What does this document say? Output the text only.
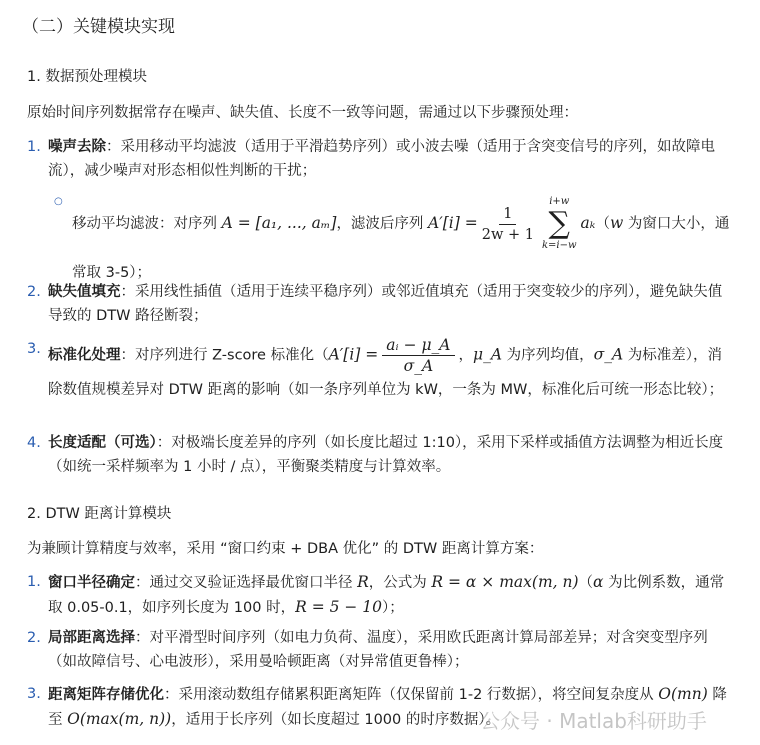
（二）关键模块实现
1. 数据预处理模块
原始时间序列数据常存在噪声、缺失值、长度不一致等问题，需通过以下步骤预处理：
1. 噪声去除：采用移动平均滤波（适用于平滑趋势序列）或小波去噪（适用于含突变信号的序列，如故障电流），减少噪声对形态相似性判断的干扰；
○
移动平均滤波：对序列 A = [a₁, ..., aₘ]，滤波后序列 $A'[i] = \frac{1}{2w + 1}$
i+w
∑
k=i−w
aₖ（w 为窗口大小，通常取 3-5）；
2. 缺失值填充：采用线性插值（适用于连续平稳序列）或邻近值填充（适用于突变较少的序列），避免缺失值导致的 DTW 路径断裂；
3. 标准化处理：对序列进行 Z-score 标准化（$A'[i] = \frac{\text{aᵢ − μ\_A}}{\sigma\_A}$ ，μ_A 为序列均值，σ_A 为标准差），消除数值规模差异对 DTW 距离的影响（如一条序列单位为 kW，一条为 MW，标准化后可统一形态比较）；
4. 长度适配（可选）：对极端长度差异的序列（如长度比超过 1:10），采用下采样或插值方法调整为相近长度（如统一采样频率为 1 小时 / 点），平衡聚类精度与计算效率。
2. DTW 距离计算模块
为兼顾计算精度与效率，采用 “窗口约束 + DBA 优化” 的 DTW 距离计算方案：
1. 窗口半径确定：通过交叉验证选择最优窗口半径 R，公式为 R = α × max(m, n)（α 为比例系数，通常取 0.05-0.1，如序列长度为 100 时，R = 5 − 10）；
2. 局部距离选择：对平滑型时间序列（如电力负荷、温度），采用欧氏距离计算局部差异；对含突变型序列（如故障信号、心电波形），采用曼哈顿距离（对异常值更鲁棒）；
3. 距离矩阵存储优化：采用滚动数组存储累积距离矩阵（仅保留前 1-2 行数据），将空间复杂度从 O(mn) 降至 O(max(m, n))，适用于长序列（如长度超过 1000 的时序数据）。
公众号 · Matlab科研助手
